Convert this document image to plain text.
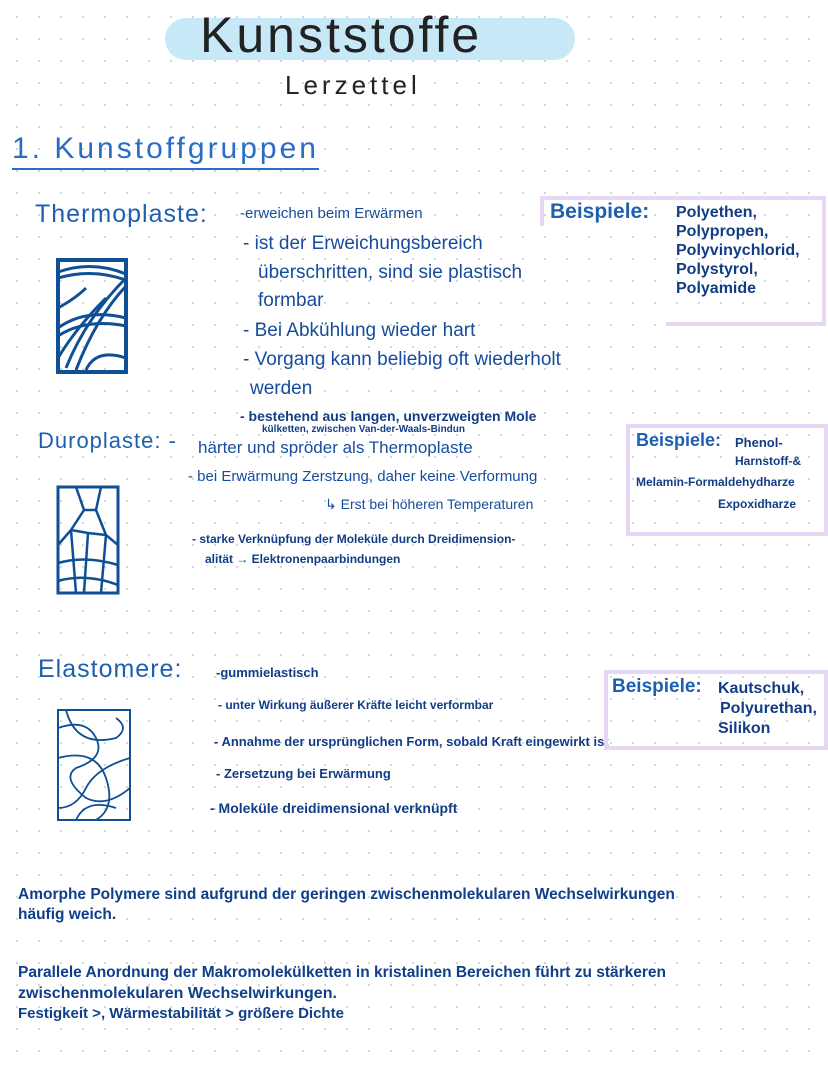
Kunststoffe
Lerzettel
1. Kunstoffgruppen
Thermoplaste: -erweichen beim Erwärmen
- ist der Erweichungsbereich
überschritten, sind sie plastisch
formbar
- Bei Abkühlung wieder hart
- Vorgang kann beliebig oft wiederholt
werden
- bestehend aus langen, unverzweigten Mole
külketten, zwischen Van-der-Waals-Bindun
Beispiele: Polyethen,
Polypropen,
Polyvinychlorid,
Polystyrol,
Polyamide
Duroplaste: - härter und spröder als Thermoplaste
- bei Erwärmung Zerstzung, daher keine Verformung
↳ Erst bei höheren Temperaturen
- starke Verknüpfung der Moleküle durch Dreidimension-
alität → Elektronenpaarbindungen
Beispiele: Phenol-
Harnstoff-&
Melamin-Formaldehydharze
Expoxidharze
Elastomere:	-gummielastisch
- unter Wirkung äußerer Kräfte leicht verformbar
- Annahme der ursprünglichen Form, sobald Kraft eingewirkt ist
- Zersetzung bei Erwärmung
- Moleküle dreidimensional verknüpft
Beispiele: Kautschuk,
Polyurethan,
Silikon
Amorphe Polymere sind aufgrund der geringen zwischenmolekularen Wechselwirkungen
häufig weich.
Parallele Anordnung der Makromolekülketten in kristalinen Bereichen führt zu stärkeren
zwischenmolekularen Wechselwirkungen.
Festigkeit >, Wärmestabilität > größere Dichte
